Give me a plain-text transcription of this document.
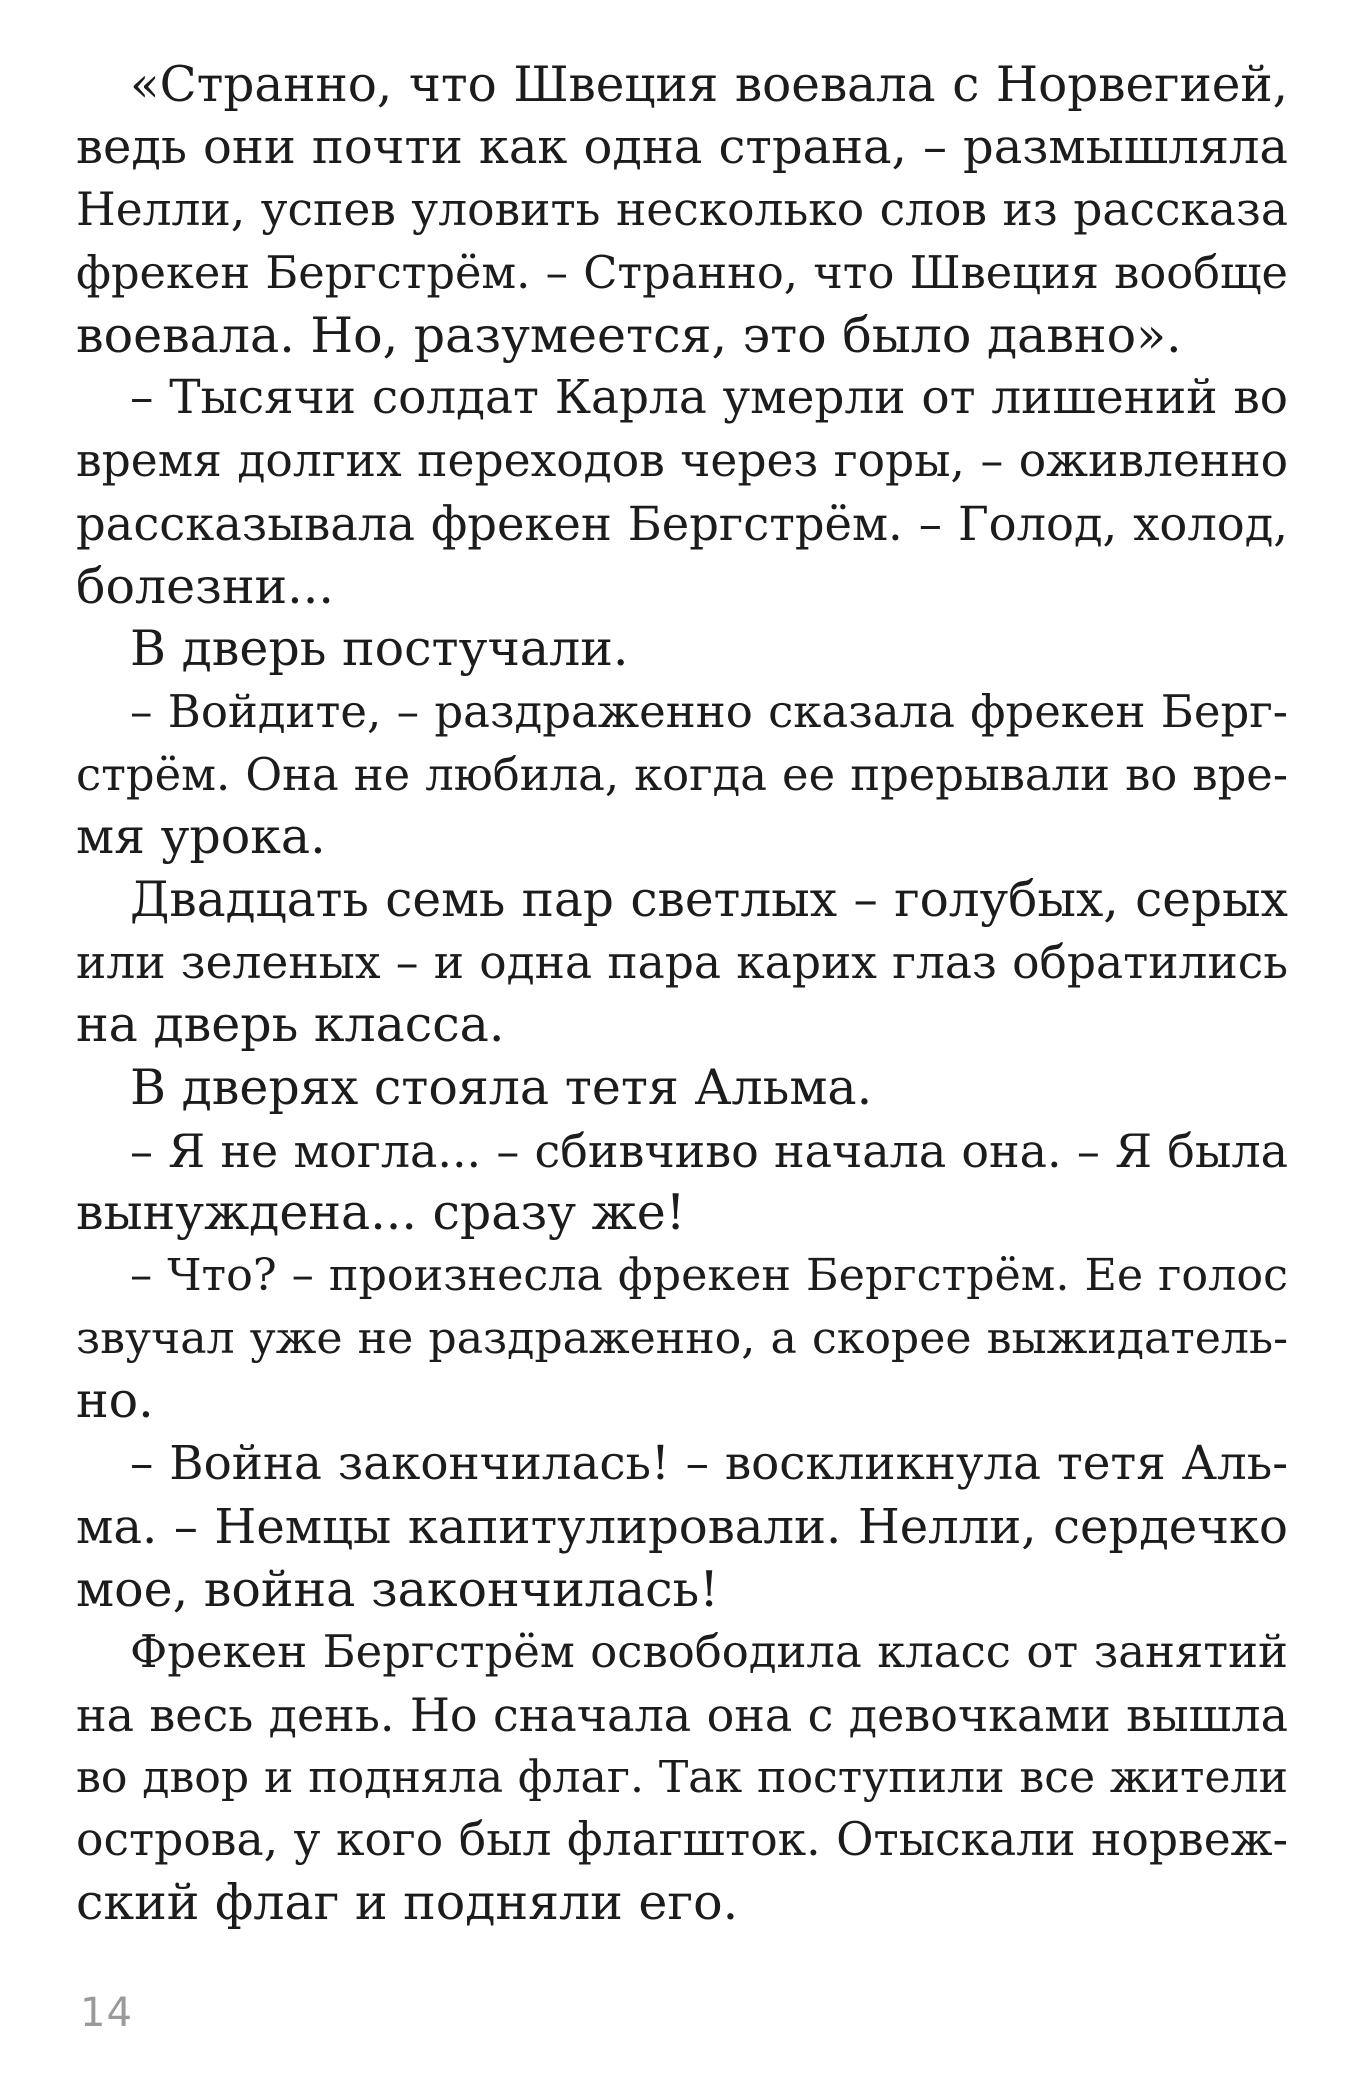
«Странно, что Швеция воевала с Норвегией,
ведь они почти как одна страна, – размышляла
Нелли, успев уловить несколько слов из рассказа
фрекен Бергстрём. – Странно, что Швеция вообще
воевала. Но, разумеется, это было давно».
– Тысячи солдат Карла умерли от лишений во
время долгих переходов через горы, – оживленно
рассказывала фрекен Бергстрём. – Голод, холод,
болезни...
В дверь постучали.
– Войдите, – раздраженно сказала фрекен Берг-
стрём. Она не любила, когда ее прерывали во вре-
мя урока.
Двадцать семь пар светлых – голубых, серых
или зеленых – и одна пара карих глаз обратились
на дверь класса.
В дверях стояла тетя Альма.
– Я не могла... – сбивчиво начала она. – Я была
вынуждена... сразу же!
– Что? – произнесла фрекен Бергстрём. Ее голос
звучал уже не раздраженно, а скорее выжидатель-
но.
– Война закончилась! – воскликнула тетя Аль-
ма. – Немцы капитулировали. Нелли, сердечко
мое, война закончилась!
Фрекен Бергстрём освободила класс от занятий
на весь день. Но сначала она с девочками вышла
во двор и подняла флаг. Так поступили все жители
острова, у кого был флагшток. Отыскали норвеж-
ский флаг и подняли его.
14
